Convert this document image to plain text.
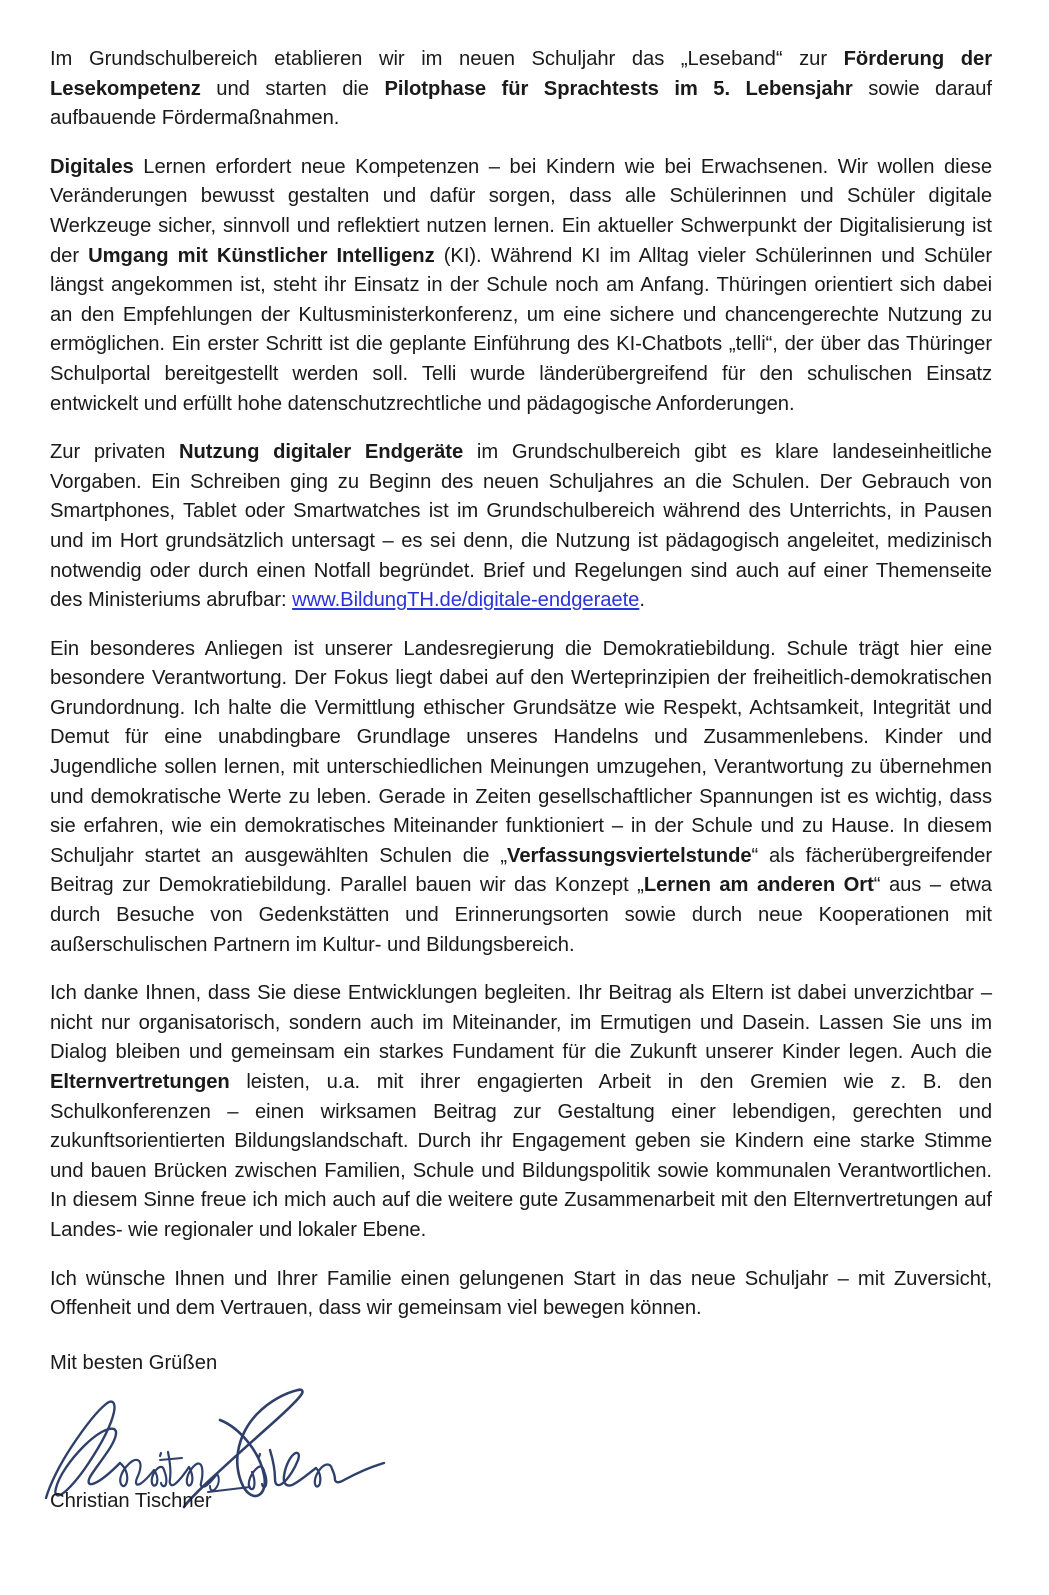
Im Grundschulbereich etablieren wir im neuen Schuljahr das „Leseband“ zur Förderung der Lesekompetenz und starten die Pilotphase für Sprachtests im 5. Lebensjahr sowie darauf aufbauende Fördermaßnahmen.

Digitales Lernen erfordert neue Kompetenzen – bei Kindern wie bei Erwachsenen. Wir wollen diese Veränderungen bewusst gestalten und dafür sorgen, dass alle Schülerinnen und Schüler digitale Werkzeuge sicher, sinnvoll und reflektiert nutzen lernen. Ein aktueller Schwerpunkt der Digitalisierung ist der Umgang mit Künstlicher Intelligenz (KI). Während KI im Alltag vieler Schülerinnen und Schüler längst angekommen ist, steht ihr Einsatz in der Schule noch am Anfang. Thüringen orientiert sich dabei an den Empfehlungen der Kultusministerkonferenz, um eine sichere und chancengerechte Nutzung zu ermöglichen. Ein erster Schritt ist die geplante Einführung des KI-Chatbots „telli“, der über das Thüringer Schulportal bereitgestellt werden soll. Telli wurde länderübergreifend für den schulischen Einsatz entwickelt und erfüllt hohe datenschutzrechtliche und pädagogische Anforderungen.

Zur privaten Nutzung digitaler Endgeräte im Grundschulbereich gibt es klare landeseinheitliche Vorgaben. Ein Schreiben ging zu Beginn des neuen Schuljahres an die Schulen. Der Gebrauch von Smartphones, Tablet oder Smartwatches ist im Grundschulbereich während des Unterrichts, in Pausen und im Hort grundsätzlich untersagt – es sei denn, die Nutzung ist pädagogisch angeleitet, medizinisch notwendig oder durch einen Notfall begründet. Brief und Regelungen sind auch auf einer Themenseite des Ministeriums abrufbar: www.BildungTH.de/digitale-endgeraete.

Ein besonderes Anliegen ist unserer Landesregierung die Demokratiebildung. Schule trägt hier eine besondere Verantwortung. Der Fokus liegt dabei auf den Werteprinzipien der freiheitlich-demokratischen Grundordnung. Ich halte die Vermittlung ethischer Grundsätze wie Respekt, Achtsamkeit, Integrität und Demut für eine unabdingbare Grundlage unseres Handelns und Zusammenlebens. Kinder und Jugendliche sollen lernen, mit unterschiedlichen Meinungen umzugehen, Verantwortung zu übernehmen und demokratische Werte zu leben. Gerade in Zeiten gesellschaftlicher Spannungen ist es wichtig, dass sie erfahren, wie ein demokratisches Miteinander funktioniert – in der Schule und zu Hause. In diesem Schuljahr startet an ausgewählten Schulen die „Verfassungsviertelstunde“ als fächerübergreifender Beitrag zur Demokratiebildung. Parallel bauen wir das Konzept „Lernen am anderen Ort“ aus – etwa durch Besuche von Gedenkstätten und Erinnerungsorten sowie durch neue Kooperationen mit außerschulischen Partnern im Kultur- und Bildungsbereich.

Ich danke Ihnen, dass Sie diese Entwicklungen begleiten. Ihr Beitrag als Eltern ist dabei unverzichtbar – nicht nur organisatorisch, sondern auch im Miteinander, im Ermutigen und Dasein. Lassen Sie uns im Dialog bleiben und gemeinsam ein starkes Fundament für die Zukunft unserer Kinder legen. Auch die Elternvertretungen leisten, u.a. mit ihrer engagierten Arbeit in den Gremien wie z. B. den Schulkonferenzen – einen wirksamen Beitrag zur Gestaltung einer lebendigen, gerechten und zukunftsorientierten Bildungslandschaft. Durch ihr Engagement geben sie Kindern eine starke Stimme und bauen Brücken zwischen Familien, Schule und Bildungspolitik sowie kommunalen Verantwortlichen. In diesem Sinne freue ich mich auch auf die weitere gute Zusammenarbeit mit den Elternvertretungen auf Landes- wie regionaler und lokaler Ebene.

Ich wünsche Ihnen und Ihrer Familie einen gelungenen Start in das neue Schuljahr – mit Zuversicht, Offenheit und dem Vertrauen, dass wir gemeinsam viel bewegen können.

Mit besten Grüßen

Christian Tischner
